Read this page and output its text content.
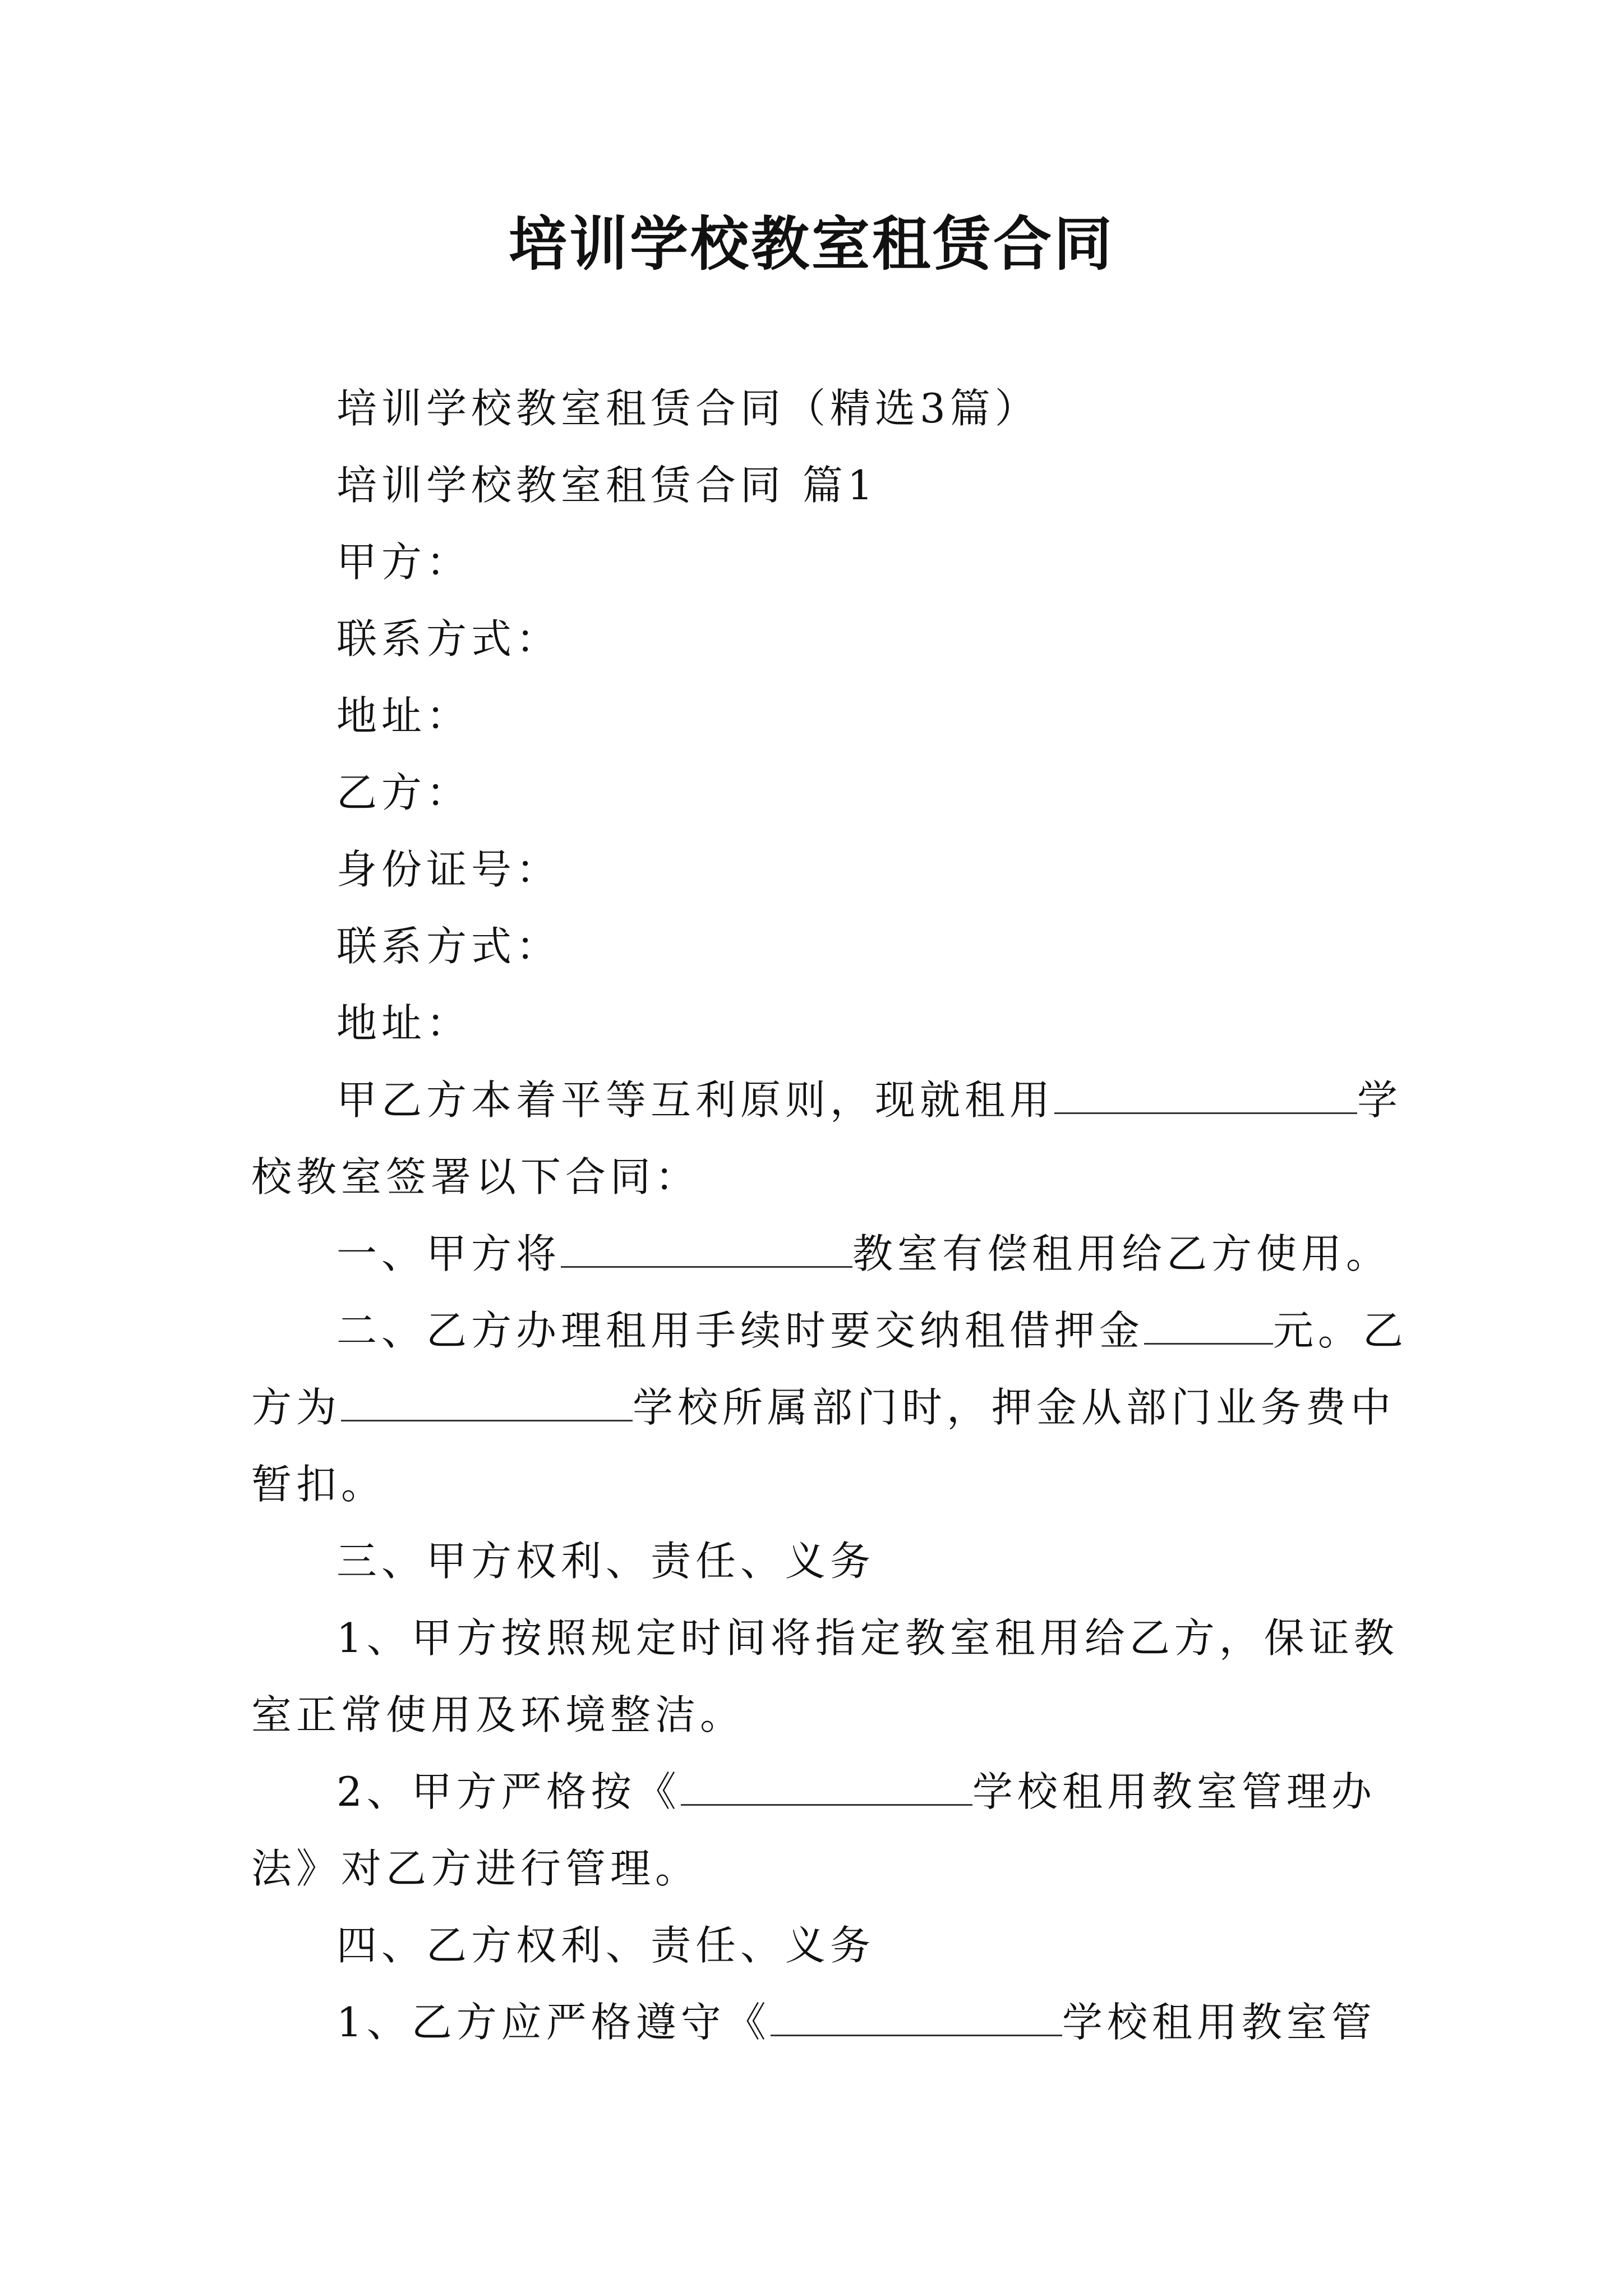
培训学校教室租赁合同
培训学校教室租赁合同（精选3篇）
培训学校教室租赁合同 篇1
甲方：
联系方式：
地址：
乙方：
身份证号：
联系方式：
地址：
甲乙方本着平等互利原则，现就租用	学
校教室签署以下合同：
一、甲方将	教室有偿租用给乙方使用。
二、乙方办理租用手续时要交纳租借押金	元。乙
方为	学校所属部门时，押金从部门业务费中
暂扣。
三、甲方权利、责任、义务
1、甲方按照规定时间将指定教室租用给乙方，保证教
室正常使用及环境整洁。
2、甲方严格按《	学校租用教室管理办
法》对乙方进行管理。
四、乙方权利、责任、义务
1、乙方应严格遵守《	学校租用教室管
